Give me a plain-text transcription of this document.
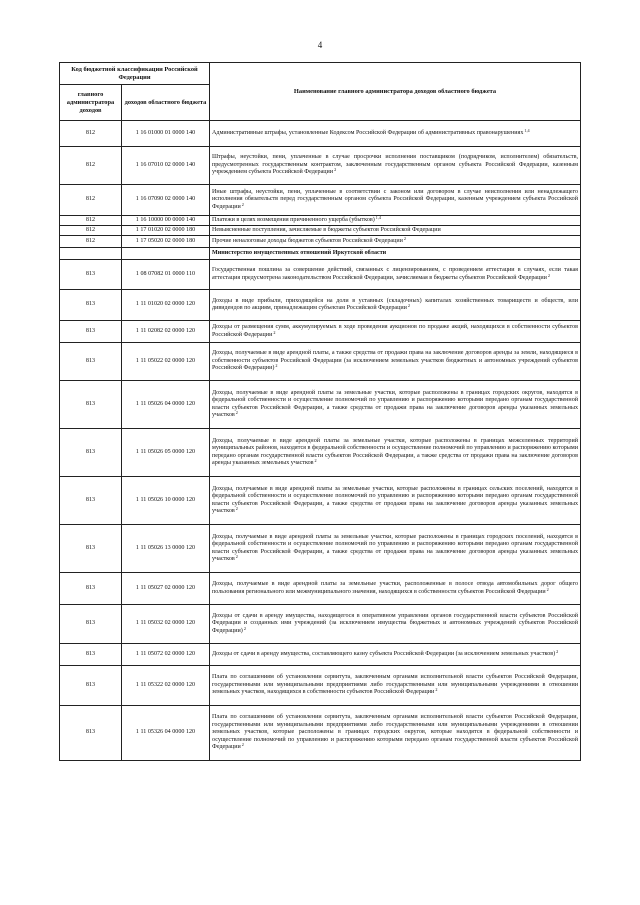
4
Код бюджетной классификации Российской Федерации		Наименование главного администратора доходов областного бюджета
главного администратора доходов	доходов областного бюджета	
812	1 16 01000 01 0000 140	Административные штрафы, установленные Кодексом Российской Федерации об административных правонарушениях$^{1,4}$
812	1 16 07010 02 0000 140	Штрафы, неустойки, пени, уплаченные в случае просрочки исполнения поставщиком (подрядчиком, исполнителем) обязательств, предусмотренных государственным контрактом, заключенным государственным органом субъекта Российской Федерации, казенным учреждением субъекта Российской Федерации$^2$
812	1 16 07090 02 0000 140	Иные штрафы, неустойки, пени, уплаченные в соответствии с законом или договором в случае неисполнения или ненадлежащего исполнения обязательств перед государственным органом субъекта Российской Федерации, казенным учреждением субъекта Российской Федерации$^2$
812	1 16 10000 00 0000 140	Платежи в целях возмещения причиненного ущерба (убытков)$^{1,4}$
812	1 17 01020 02 0000 180	Невыясненные поступления, зачисляемые в бюджеты субъектов Российской Федерации
812	1 17 05020 02 0000 180	Прочие неналоговые доходы бюджетов субъектов Российской Федерации$^2$
		Министерство имущественных отношений Иркутской области
813	1 08 07082 01 0000 110	Государственная пошлина за совершение действий, связанных с лицензированием, с проведением аттестации в случаях, если такая аттестация предусмотрена законодательством Российской Федерации, зачисляемая в бюджеты субъектов Российской Федерации$^2$
813	1 11 01020 02 0000 120	Доходы в виде прибыли, приходящейся на доли в уставных (складочных) капиталах хозяйственных товариществ и обществ, или дивидендов по акциям, принадлежащим субъектам Российской Федерации$^2$
813	1 11 02082 02 0000 120	Доходы от размещения сумм, аккумулируемых в ходе проведения аукционов по продаже акций, находящихся в собственности субъектов Российской Федерации$^2$
813	1 11 05022 02 0000 120	Доходы, получаемые в виде арендной платы, а также средства от продажи права на заключение договоров аренды за земли, находящиеся в собственности субъектов Российской Федерации (за исключением земельных участков бюджетных и автономных учреждений субъектов Российской Федерации)$^2$
813	1 11 05026 04 0000 120	Доходы, получаемые в виде арендной платы за земельные участки, которые расположены в границах городских округов, находятся в федеральной собственности и осуществление полномочий по управлению и распоряжению которыми передано органам государственной власти субъектов Российской Федерации, а также средства от продажи права на заключение договоров аренды указанных земельных участков$^2$
813	1 11 05026 05 0000 120	Доходы, получаемые в виде арендной платы за земельные участки, которые расположены в границах межселенных территорий муниципальных районов, находятся в федеральной собственности и осуществление полномочий по управлению и распоряжению которыми передано органам государственной власти субъектов Российской Федерации, а также средства от продажи права на заключение договоров аренды указанных земельных участков$^2$
813	1 11 05026 10 0000 120	Доходы, получаемые в виде арендной платы за земельные участки, которые расположены в границах сельских поселений, находятся в федеральной собственности и осуществление полномочий по управлению и распоряжению которыми передано органам государственной власти субъектов Российской Федерации, а также средства от продажи права на заключение договоров аренды указанных земельных участков$^2$
813	1 11 05026 13 0000 120	Доходы, получаемые в виде арендной платы за земельные участки, которые расположены в границах городских поселений, находятся в федеральной собственности и осуществление полномочий по управлению и распоряжению которыми передано органам государственной власти субъектов Российской Федерации, а также средства от продажи права на заключение договоров аренды указанных земельных участков$^2$
813	1 11 05027 02 0000 120	Доходы, получаемые в виде арендной платы за земельные участки, расположенные в полосе отвода автомобильных дорог общего пользования регионального или межмуниципального значения, находящихся в собственности субъектов Российской Федерации$^2$
813	1 11 05032 02 0000 120	Доходы от сдачи в аренду имущества, находящегося в оперативном управлении органов государственной власти субъектов Российской Федерации и созданных ими учреждений (за исключением имущества бюджетных и автономных учреждений субъектов Российской Федерации)$^2$
813	1 11 05072 02 0000 120	Доходы от сдачи в аренду имущества, составляющего казну субъекта Российской Федерации (за исключением земельных участков)$^2$
813	1 11 05322 02 0000 120	Плата по соглашениям об установлении сервитута, заключенным органами исполнительной власти субъектов Российской Федерации, государственными или муниципальными предприятиями либо государственными или муниципальными учреждениями в отношении земельных участков, находящихся в собственности субъектов Российской Федерации$^2$
813	1 11 05326 04 0000 120	Плата по соглашениям об установлении сервитута, заключенным органами исполнительной власти субъектов Российской Федерации, государственными или муниципальными предприятиями либо государственными или муниципальными учреждениями в отношении земельных участков, которые расположены в границах городских округов, которые находятся в федеральной собственности и осуществление полномочий по управлению и распоряжению которыми передано органам государственной власти субъектов Российской Федерации$^2$
